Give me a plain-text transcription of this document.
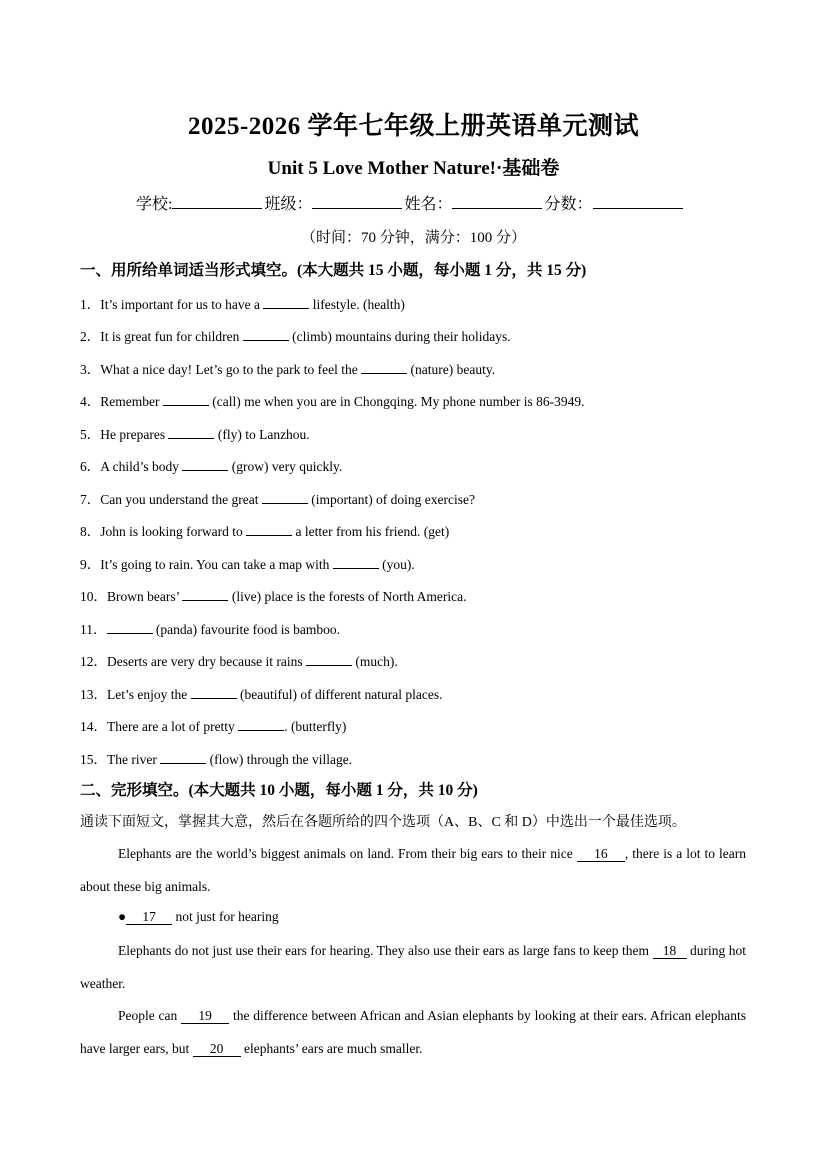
2025-2026 学年七年级上册英语单元测试
Unit 5 Love Mother Nature!·基础卷
学校:	班级：	姓名：	分数：
（时间：70 分钟，满分：100 分）
一、用所给单词适当形式填空。(本大题共 15 小题，每小题 1 分，共 15 分)
1．It’s important for us to have a	lifestyle. (health)
2．It is great fun for children	(climb) mountains during their holidays.
3．What a nice day! Let’s go to the park to feel the	(nature) beauty.
4．Remember	(call) me when you are in Chongqing. My phone number is 86-3949.
5．He prepares	(fly) to Lanzhou.
6．A child’s body	(grow) very quickly.
7．Can you understand the great	(important) of doing exercise?
8．John is looking forward to	a letter from his friend. (get)
9．It’s going to rain. You can take a map with	(you).
10．Brown bears’	(live) place is the forests of North America.
11．	(panda) favourite food is bamboo.
12．Deserts are very dry because it rains	(much).
13．Let’s enjoy the	(beautiful) of different natural places.
14．There are a lot of pretty	. (butterfly)
15．The river	(flow) through the village.
二、完形填空。(本大题共 10 小题，每小题 1 分，共 10 分)
通读下面短文，掌握其大意，然后在各题所给的四个选项（A、B、C 和 D）中选出一个最佳选项。
Elephants are the world’s biggest animals on land. From their big ears to their nice 16 , there is a lot to learn about these big animals.
● 17 not just for hearing
Elephants do not just use their ears for hearing. They also use their ears as large fans to keep them 18 during hot weather.
People can 19 the difference between African and Asian elephants by looking at their ears. African elephants have larger ears, but 20 elephants’ ears are much smaller.
